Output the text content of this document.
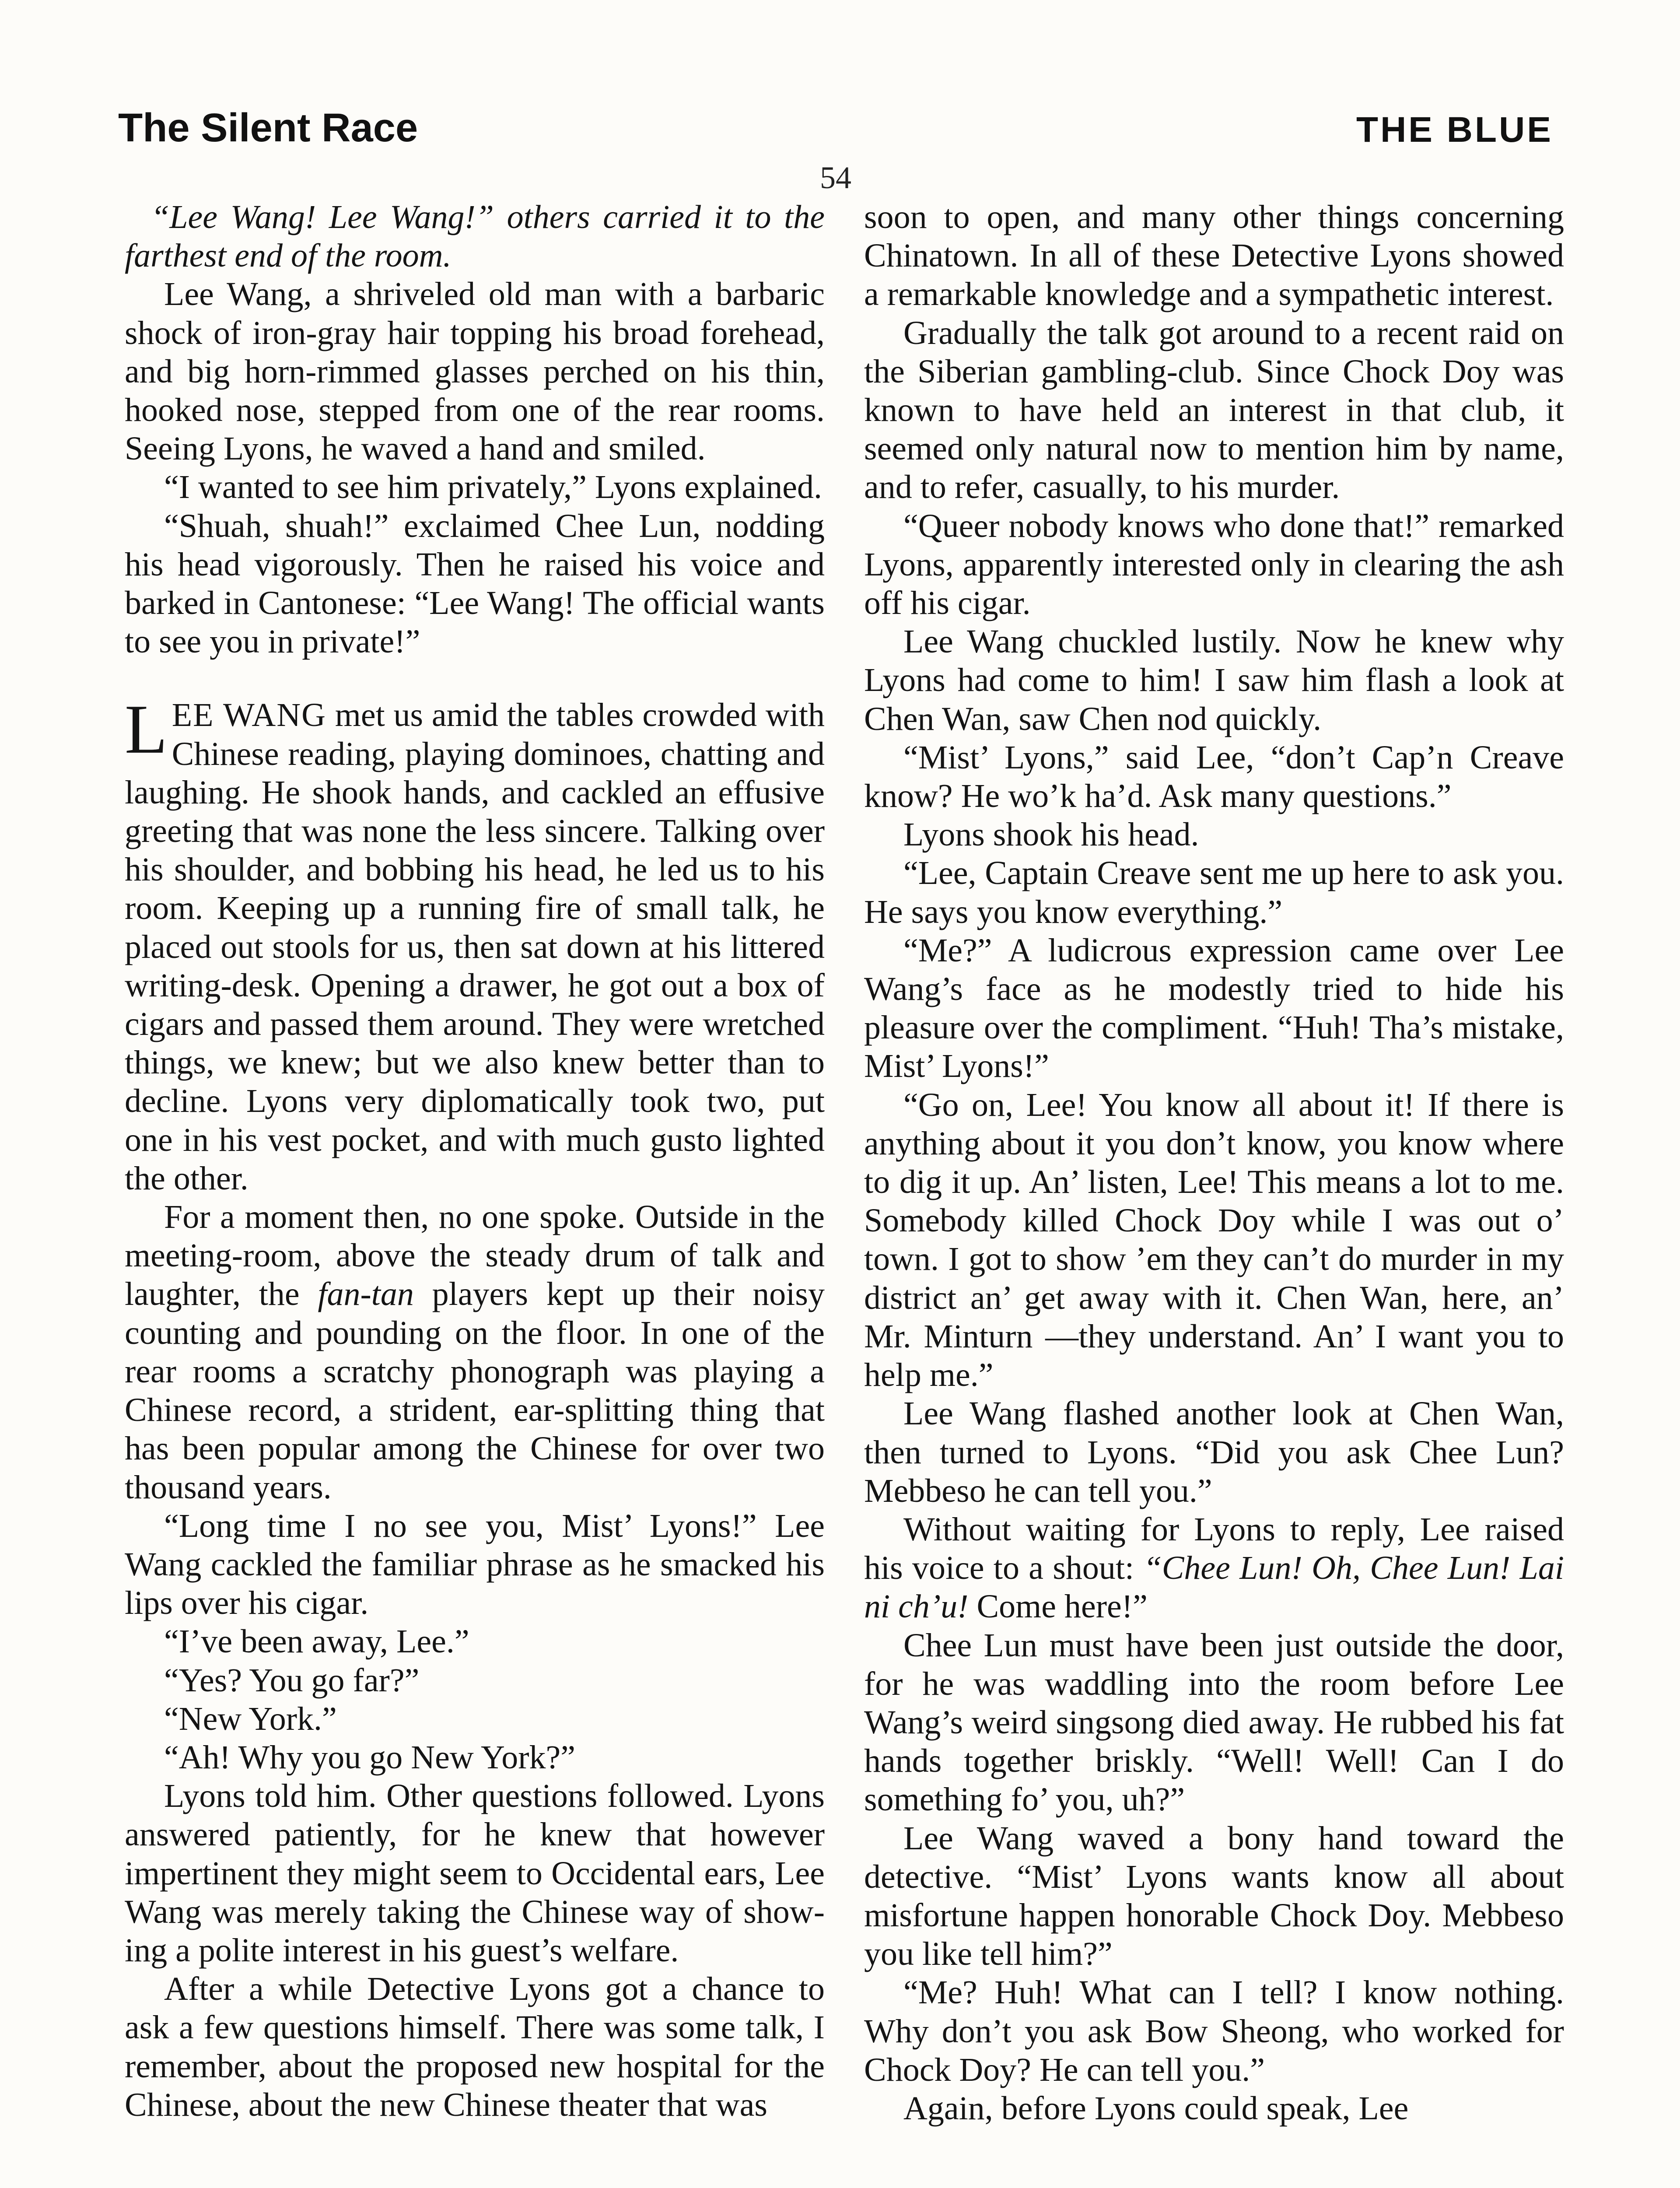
The Silent Race	THE BLUE
54

“Lee Wang! Lee Wang!” others carried it to the farthest end of the room.

Lee Wang, a shriveled old man with a barbaric shock of iron-gray hair topping his broad forehead, and big horn-rimmed glasses perched on his thin, hooked nose, stepped from one of the rear rooms. Seeing Lyons, he waved a hand and smiled.

“I wanted to see him privately,” Lyons explained.

“Shuah, shuah!” exclaimed Chee Lun, nodding his head vigorously. Then he raised his voice and barked in Cantonese: “Lee Wang! The official wants to see you in private!”

LEE WANG met us amid the tables crowded with Chinese reading, playing dominoes, chatting and laughing. He shook hands, and cackled an effusive greeting that was none the less sincere. Talking over his shoulder, and bobbing his head, he led us to his room. Keeping up a running fire of small talk, he placed out stools for us, then sat down at his littered writing-desk. Opening a drawer, he got out a box of cigars and passed them around. They were wretched things, we knew; but we also knew better than to decline. Lyons very diplomatically took two, put one in his vest pocket, and with much gusto lighted the other.

For a moment then, no one spoke. Outside in the meeting-room, above the steady drum of talk and laughter, the fan-tan players kept up their noisy counting and pounding on the floor. In one of the rear rooms a scratchy phonograph was playing a Chinese record, a strident, ear-splitting thing that has been popular among the Chinese for over two thousand years.

“Long time I no see you, Mist’ Lyons!” Lee Wang cackled the familiar phrase as he smacked his lips over his cigar.

“I’ve been away, Lee.”

“Yes? You go far?”

“New York.”

“Ah! Why you go New York?”

Lyons told him. Other questions followed. Lyons answered patiently, for he knew that however impertinent they might seem to Occidental ears, Lee Wang was merely taking the Chinese way of showing a polite interest in his guest’s welfare.

After a while Detective Lyons got a chance to ask a few questions himself. There was some talk, I remember, about the proposed new hospital for the Chinese, about the new Chinese theater that was

soon to open, and many other things concerning Chinatown. In all of these Detective Lyons showed a remarkable knowledge and a sympathetic interest.

Gradually the talk got around to a recent raid on the Siberian gambling-club. Since Chock Doy was known to have held an interest in that club, it seemed only natural now to mention him by name, and to refer, casually, to his murder.

“Queer nobody knows who done that!” remarked Lyons, apparently interested only in clearing the ash off his cigar.

Lee Wang chuckled lustily. Now he knew why Lyons had come to him! I saw him flash a look at Chen Wan, saw Chen nod quickly.

“Mist’ Lyons,” said Lee, “don’t Cap’n Creave know? He wo’k ha’d. Ask many questions.”

Lyons shook his head.

“Lee, Captain Creave sent me up here to ask you. He says you know everything.”

“Me?” A ludicrous expression came over Lee Wang’s face as he modestly tried to hide his pleasure over the compliment. “Huh! Tha’s mistake, Mist’ Lyons!”

“Go on, Lee! You know all about it! If there is anything about it you don’t know, you know where to dig it up. An’ listen, Lee! This means a lot to me. Somebody killed Chock Doy while I was out o’ town. I got to show ’em they can’t do murder in my district an’ get away with it. Chen Wan, here, an’ Mr. Minturn —they understand. An’ I want you to help me.”

Lee Wang flashed another look at Chen Wan, then turned to Lyons. “Did you ask Chee Lun? Mebbeso he can tell you.”

Without waiting for Lyons to reply, Lee raised his voice to a shout: “Chee Lun! Oh, Chee Lun! Lai ni ch’u! Come here!”

Chee Lun must have been just outside the door, for he was waddling into the room before Lee Wang’s weird singsong died away. He rubbed his fat hands together briskly. “Well! Well! Can I do something fo’ you, uh?”

Lee Wang waved a bony hand toward the detective. “Mist’ Lyons wants know all about misfortune happen honorable Chock Doy. Mebbeso you like tell him?”

“Me? Huh! What can I tell? I know nothing. Why don’t you ask Bow Sheong, who worked for Chock Doy? He can tell you.”

Again, before Lyons could speak, Lee
